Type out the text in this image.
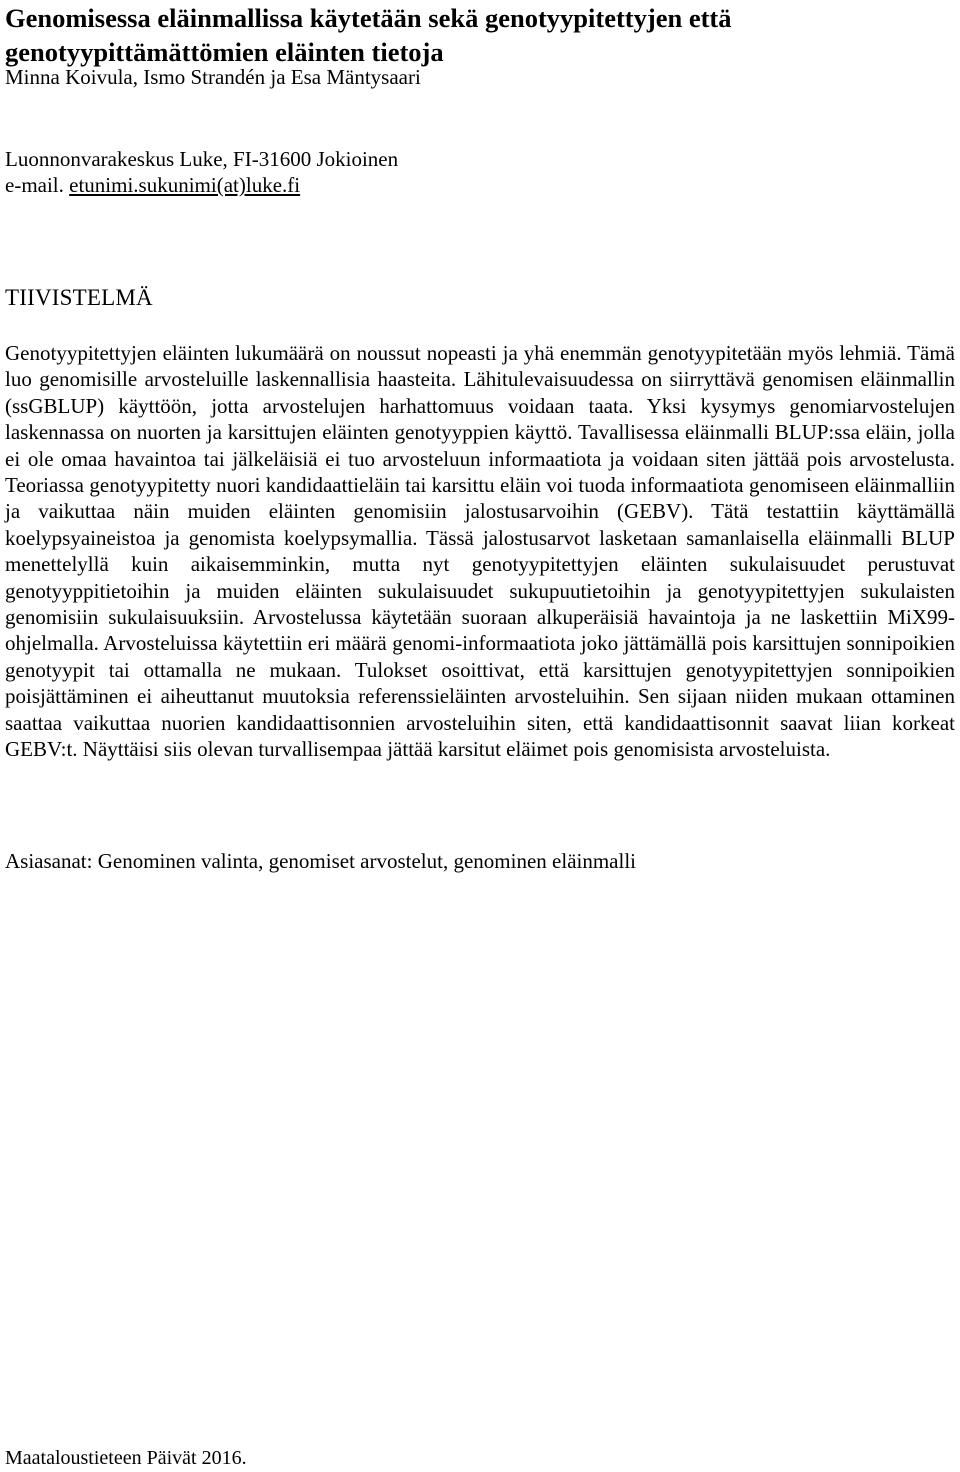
Genomisessa eläinmallissa käytetään sekä genotyypitettyjen että genotyypittämättömien eläinten tietoja

Minna Koivula, Ismo Strandén ja Esa Mäntysaari

Luonnonvarakeskus Luke, FI-31600 Jokioinen

e-mail. etunimi.sukunimi(at)luke.fi

TIIVISTELMÄ

Genotyypitettyjen eläinten lukumäärä on noussut nopeasti ja yhä enemmän genotyypitetään myös lehmiä. Tämä luo genomisille arvosteluille laskennallisia haasteita. Lähitulevaisuudessa on siirryttävä genomisen eläinmallin (ssGBLUP) käyttöön, jotta arvostelujen harhattomuus voidaan taata. Yksi kysymys genomiarvostelujen laskennassa on nuorten ja karsittujen eläinten genotyyppien käyttö. Tavallisessa eläinmalli BLUP:ssa eläin, jolla ei ole omaa havaintoa tai jälkeläisiä ei tuo arvosteluun informaatiota ja voidaan siten jättää pois arvostelusta. Teoriassa genotyypitetty nuori kandidaattieläin tai karsittu eläin voi tuoda informaatiota genomiseen eläinmalliin ja vaikuttaa näin muiden eläinten genomisiin jalostusarvoihin (GEBV). Tätä testattiin käyttämällä koelypsyaineistoa ja genomista koelypsymallia. Tässä jalostusarvot lasketaan samanlaisella eläinmalli BLUP menettelyllä kuin aikaisemminkin, mutta nyt genotyypitettyjen eläinten sukulaisuudet perustuvat genotyyppitietoihin ja muiden eläinten sukulaisuudet sukupuutietoihin ja genotyypitettyjen sukulaisten genomisiin sukulaisuuksiin. Arvostelussa käytetään suoraan alkuperäisiä havaintoja ja ne laskettiin MiX99-ohjelmalla. Arvosteluissa käytettiin eri määrä genomi-informaatiota joko jättämällä pois karsittujen sonnipoikien genotyypit tai ottamalla ne mukaan. Tulokset osoittivat, että karsittujen genotyypitettyjen sonnipoikien poisjättäminen ei aiheuttanut muutoksia referenssieläinten arvosteluihin. Sen sijaan niiden mukaan ottaminen saattaa vaikuttaa nuorien kandidaattisonnien arvosteluihin siten, että kandidaattisonnit saavat liian korkeat GEBV:t. Näyttäisi siis olevan turvallisempaa jättää karsitut eläimet pois genomisista arvosteluista.

Asiasanat: Genominen valinta, genomiset arvostelut, genominen eläinmalli

Maataloustieteen Päivät 2016.
